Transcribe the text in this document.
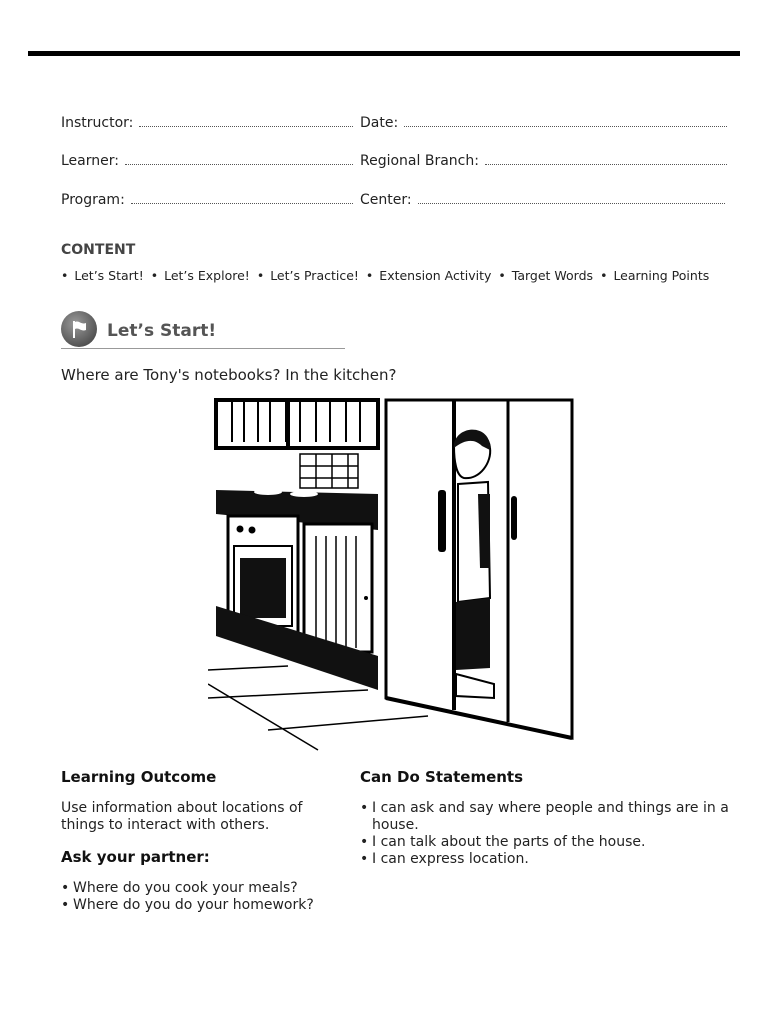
Instructor:	Date:
Learner:	Regional Branch:
Program:	Center:
CONTENT
• Let’s Start!	• Let’s Explore!	• Let’s Practice!	• Extension Activity	• Target Words	• Learning Points
Let’s Start!
Where are Tony's notebooks? In the kitchen?
Learning Outcome
Use information about locations of things to interact with others.
Ask your partner:
• Where do you cook your meals?
• Where do you do your homework?
Can Do Statements
• I can ask and say where people and things are in a house.
• I can talk about the parts of the house.
• I can express location.
